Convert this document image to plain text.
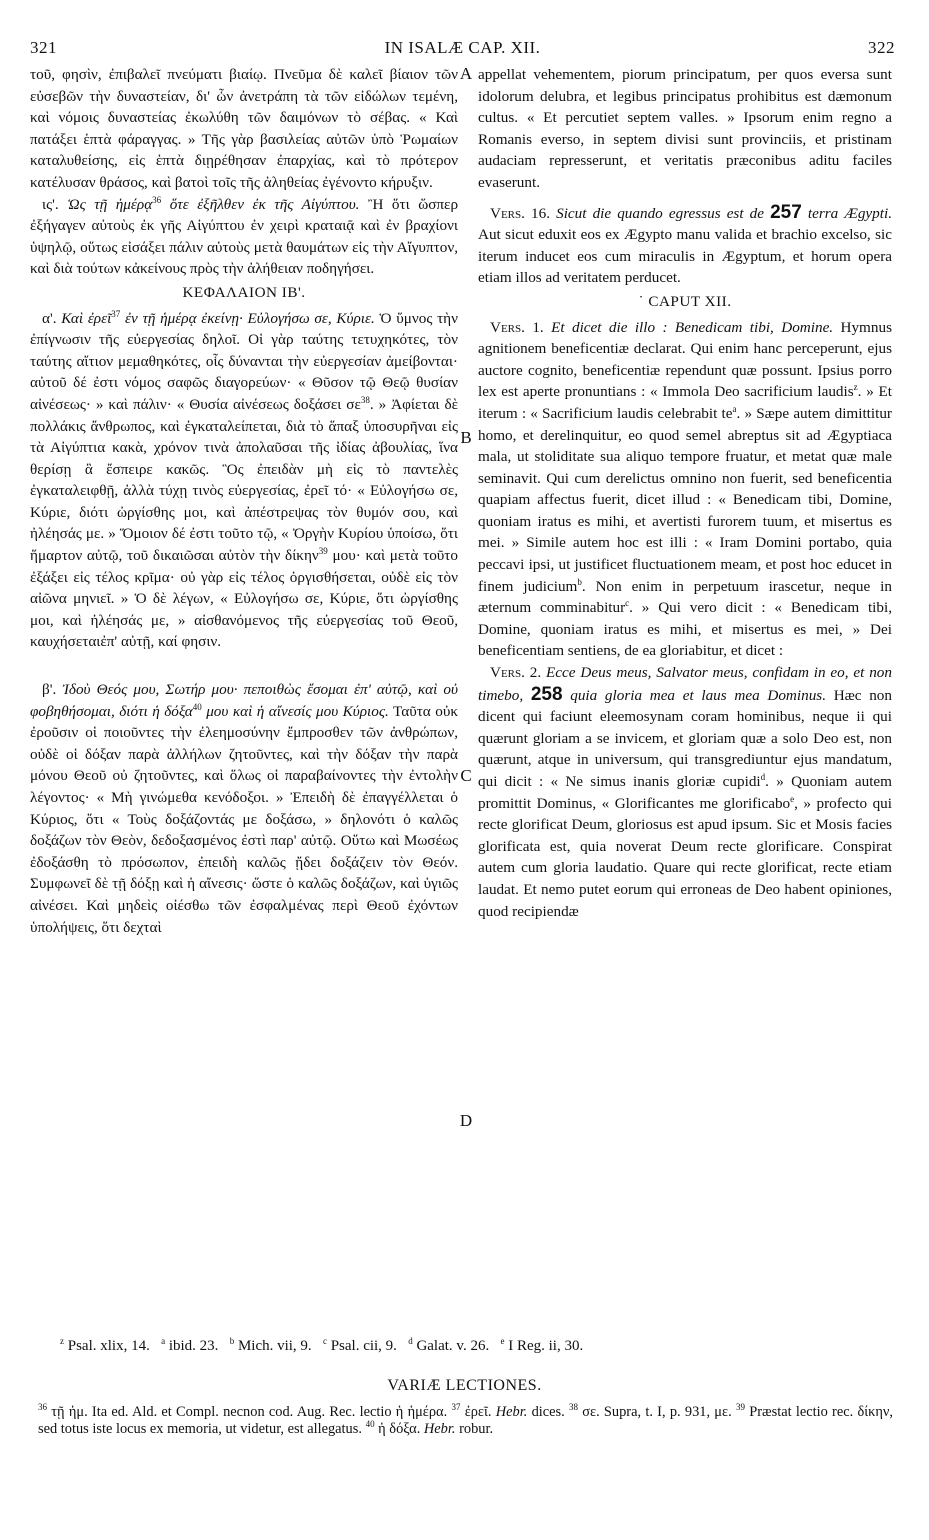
321	IN ISALÆ CAP. XII.	322
A
B
C
D

τοῦ, φησὶν, ἐπιβαλεῖ πνεύματι βιαίῳ. Πνεῦμα δὲ καλεῖ βίαιον τῶν εὐσεβῶν τὴν δυναστείαν, δι' ὧν ἀνετράπη τὰ τῶν εἰδώλων τεμένη, καὶ νόμοις δυναστείας ἐκωλύθη τῶν δαιμόνων τὸ σέβας. « Καὶ πατάξει ἑπτὰ φάραγγας. » Τῆς γὰρ βασιλείας αὐτῶν ὑπὸ Ῥωμαίων καταλυθείσης, εἰς ἑπτὰ διῃρέθησαν ἐπαρχίας, καὶ τὸ πρότερον κατέλυσαν θράσος, καὶ βατοὶ τοῖς τῆς ἀληθείας ἐγένοντο κήρυξιν.

ις'. Ὡς τῇ ἡμέρᾳ$^{36}$ ὅτε ἐξῆλθεν ἐκ τῆς Αἰγύπτου. Ἢ ὅτι ὥσπερ ἐξήγαγεν αὐτοὺς ἐκ γῆς Αἰγύπτου ἐν χειρὶ κραταιᾷ καὶ ἐν βραχίονι ὑψηλῷ, οὕτως εἰσάξει πάλιν αὐτοὺς μετὰ θαυμάτων εἰς τὴν Αἴγυπτον, καὶ διὰ τούτων κἀκείνους πρὸς τὴν ἀλήθειαν ποδηγήσει.

ΚΕΦΑΛΑΙΟΝ ΙΒ'.

α'. Καὶ ἐρεῖ$^{37}$ ἐν τῇ ἡμέρᾳ ἐκείνῃ· Εὐλογήσω σε, Κύριε. Ὁ ὕμνος τὴν ἐπίγνωσιν τῆς εὐεργεσίας δηλοῖ. Οἱ γὰρ ταύτης τετυχηκότες, τὸν ταύτης αἴτιον μεμαθηκότες, οἷς δύνανται τὴν εὐεργεσίαν ἀμείβονται· αὐτοῦ δέ ἐστι νόμος σαφῶς διαγορεύων· « Θῦσον τῷ Θεῷ θυσίαν αἰνέσεως· » καὶ πάλιν· « Θυσία αἰνέσεως δοξάσει $\sigma\varepsilon^{38}$. » Ἀφίεται δὲ πολλάκις ἄνθρωπος, καὶ ἐγκαταλείπεται, διὰ τὸ ἅπαξ ὑποσυρῆναι εἰς τὰ Αἰγύπτια κακὰ, χρόνον τινὰ ἀπολαῦσαι τῆς ἰδίας ἀβουλίας, ἵνα θερίσῃ ἃ ἔσπειρε κακῶς. Ὃς ἐπειδὰν μὴ εἰς τὸ παντελὲς ἐγκαταλειφθῇ, ἀλλὰ τύχῃ τινὸς εὐεργεσίας, ἐρεῖ τό· « Εὐλογήσω σε, Κύριε, διότι ὠργίσθης μοι, καὶ ἀπέστρεψας τὸν θυμόν σου, καὶ ἠλέησάς με. » Ὅμοιον δέ ἐστι τοῦτο τῷ, « Ὀργὴν Κυρίου ὑποίσω, ὅτι ἥμαρτον αὐτῷ, τοῦ δικαιῶσαι αὐτὸν τὴν δίκην$^{39}$ μου· καὶ μετὰ τοῦτο ἐξάξει εἰς τέλος κρῖμα· οὐ γὰρ εἰς τέλος ὀργισθήσεται, οὐδὲ εἰς τὸν αἰῶνα μηνιεῖ. » Ὁ δὲ λέγων, « Εὐλογήσω σε, Κύριε, ὅτι ὠργίσθης μοι, καὶ ἠλέησάς με, » αἰσθανόμενος τῆς εὐεργεσίας τοῦ Θεοῦ, καυχήσεταιἐπ' αὐτῇ, καί φησιν.

β'. Ἰδοὺ Θεός μου, Σωτήρ μου· πεποιθὼς ἔσομαι ἐπ' αὐτῷ, καὶ οὐ φοβηθήσομαι, διότι ἡ δόξα$^{40}$ μου καὶ ἡ αἴνεσίς μου Κύριος. Ταῦτα οὐκ ἐροῦσιν οἱ ποιοῦντες τὴν ἐλεημοσύνην ἔμπροσθεν τῶν ἀνθρώπων, οὐδὲ οἱ δόξαν παρὰ ἀλλήλων ζητοῦντες, καὶ τὴν δόξαν τὴν παρὰ μόνου Θεοῦ οὐ ζητοῦντες, καὶ ὅλως οἱ παραβαίνοντες τὴν ἐντολὴν λέγοντος· « Μὴ γινώμεθα κενόδοξοι. » Ἐπειδὴ δὲ ἐπαγγέλλεται ὁ Κύριος, ὅτι « Τοὺς δοξάζοντάς με δοξάσω, » δηλονότι ὁ καλῶς δοξάζων τὸν Θεὸν, δεδοξασμένος ἐστὶ παρ' αὐτῷ. Οὕτω καὶ Μωσέως ἐδοξάσθη τὸ πρόσωπον, ἐπειδὴ καλῶς ᾔδει δοξάζειν τὸν Θεόν. Συμφωνεῖ δὲ τῇ δόξῃ καὶ ἡ αἴνεσις· ὥστε ὁ καλῶς δοξάζων, καὶ ὑγιῶς αἰνέσει. Καὶ μηδεὶς οἰέσθω τῶν ἐσφαλμένας περὶ Θεοῦ ἐχόντων ὑπολήψεις, ὅτι δεχταὶ

appellat vehementem, piorum principatum, per quos eversa sunt idolorum delubra, et legibus principatus prohibitus est dæmonum cultus. « Et percutiet septem valles. » Ipsorum enim regno a Romanis everso, in septem divisi sunt provinciis, et pristinam audaciam represserunt, et veritatis præconibus aditu faciles evaserunt.

Vers. 16. Sicut die quando egressus est de 257 terra Ægypti. Aut sicut eduxit eos ex Ægypto manu valida et brachio excelso, sic iterum inducet eos cum miraculis in Ægyptum, et horum opera etiam illos ad veritatem perducet.

˙ CAPUT XII.

Vers. 1. Et dicet die illo : Benedicam tibi, Domine. Hymnus agnitionem beneficentiæ declarat. Qui enim hanc perceperunt, ejus auctore cognito, beneficentiæ rependunt quæ possunt. Ipsius porro lex est aperte pronuntians : « Immola Deo sacrificium laudis$^z$. » Et iterum : « Sacrificium laudis celebrabit $te^a$. » Sæpe autem dimittitur homo, et derelinquitur, eo quod semel abreptus sit ad Ægyptiaca mala, ut stoliditate sua aliquo tempore fruatur, et metat quæ male seminavit. Qui cum derelictus omnino non fuerit, sed beneficentia quapiam affectus fuerit, dicet illud : « Benedicam tibi, Domine, quoniam iratus es mihi, et avertisti furorem tuum, et misertus es mei. » Simile autem hoc est illi : « Iram Domini portabo, quia peccavi ipsi, ut justificet fluctuationem meam, et post hoc educet in finem judicium$^b$. Non enim in perpetuum irascetur, neque in æternum comminabitur$^c$. » Qui vero dicit : « Benedicam tibi, Domine, quoniam iratus es mihi, et misertus es mei, » Dei beneficentiam sentiens, de ea gloriabitur, et dicet :

Vers. 2. Ecce Deus meus, Salvator meus, confidam in eo, et non timebo, 258 quia gloria mea et laus mea Dominus. Hæc non dicent qui faciunt eleemosynam coram hominibus, neque ii qui quærunt gloriam a se invicem, et gloriam quæ a solo Deo est, non quærunt, atque in universum, qui transgrediuntur ejus mandatum, qui dicit : « Ne simus inanis gloriæ cupidi$^d$. » Quoniam autem promittit Dominus, « Glorificantes me glorificabo$^e$, » profecto qui recte glorificat Deum, gloriosus est apud ipsum. Sic et Mosis facies glorificata est, quia noverat Deum recte glorificare. Conspirat autem cum gloria laudatio. Quare qui recte glorificat, recte etiam laudat. Et nemo putet eorum qui erroneas de Deo habent opiniones, quod recipiendæ

$^z$ Psal. xlix, 14. $^a$ ibid. 23. $^b$ Mich. vii, 9. $^c$ Psal. cii, 9. $^d$ Galat. v. 26. $^e$ I Reg. ii, 30.
VARIÆ LECTIONES.
$^{36}$ τῇ ἡμ. Ita ed. Ald. et Compl. necnon cod. Aug. Rec. lectio ἡ ἡμέρα. $^{37}$ ἐρεῖ. Hebr. dices. $^{38}$ σε. Supra, t. I, p. 931, με. $^{39}$ Præstat lectio rec. δίκην, sed totus iste locus ex memoria, ut videtur, est allegatus. $^{40}$ ἡ δόξα. Hebr. robur.
